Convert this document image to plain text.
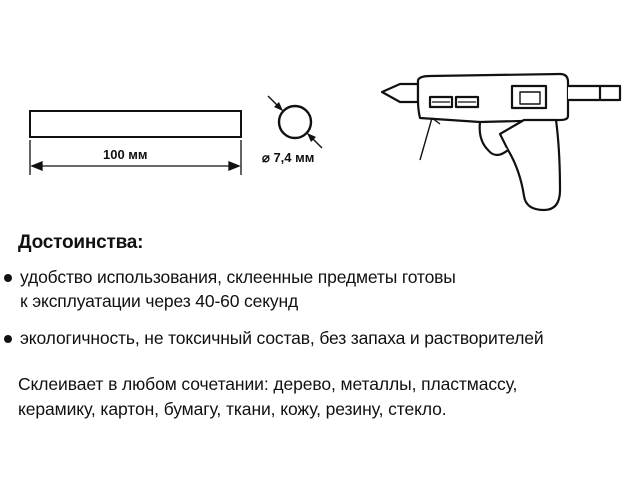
100 мм	⌀ 7,4 мм
Достоинства:
удобство использования, склеенные предметы готовы
к эксплуатации через 40-60 секунд
экологичность, не токсичный состав, без запаха и растворителей
Склеивает в любом сочетании: дерево, металлы, пластмассу,
керамику, картон, бумагу, ткани, кожу, резину, стекло.
